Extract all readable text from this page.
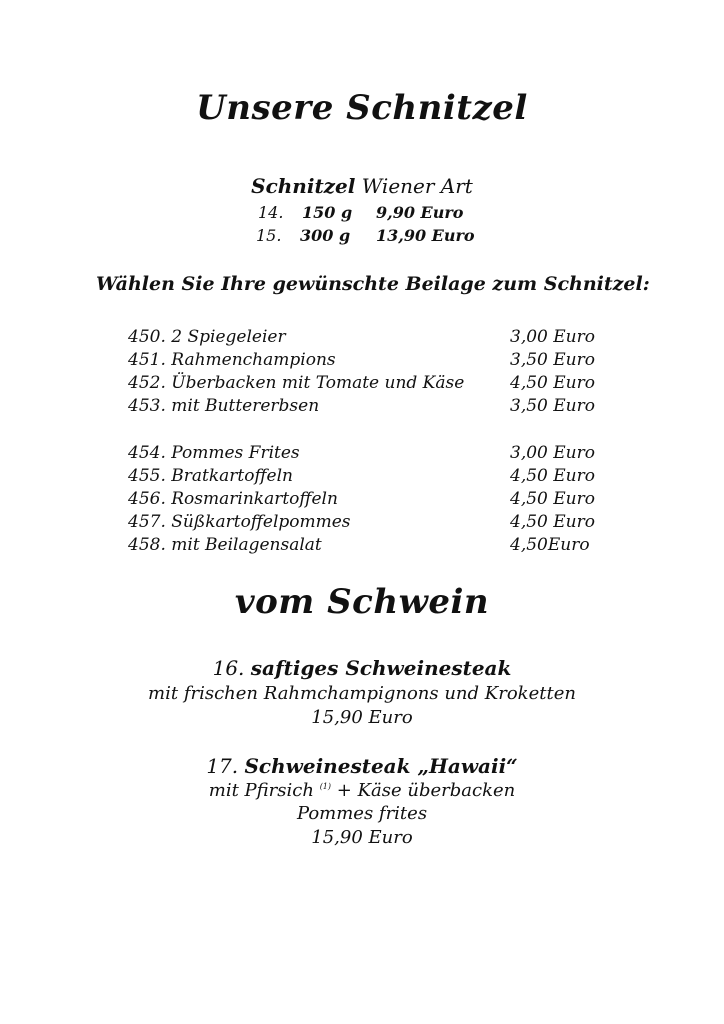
Unsere Schnitzel
Schnitzel Wiener Art
14. 150 g 9,90 Euro
15. 300 g 13,90 Euro
Wählen Sie Ihre gewünschte Beilage zum Schnitzel:
450. 2 Spiegeleier	3,00 Euro
451. Rahmenchampions	3,50 Euro
452. Überbacken mit Tomate und Käse	4,50 Euro
453. mit Buttererbsen	3,50 Euro
454. Pommes Frites	3,00 Euro
455. Bratkartoffeln	4,50 Euro
456. Rosmarinkartoffeln	4,50 Euro
457. Süßkartoffelpommes	4,50 Euro
458. mit Beilagensalat	4,50Euro
vom Schwein
16. saftiges Schweinesteak
mit frischen Rahmchampignons und Kroketten
15,90 Euro
17. Schweinesteak „Hawaii“
mit Pfirsich $^{(1)}$ + Käse überbacken
Pommes frites
15,90 Euro
